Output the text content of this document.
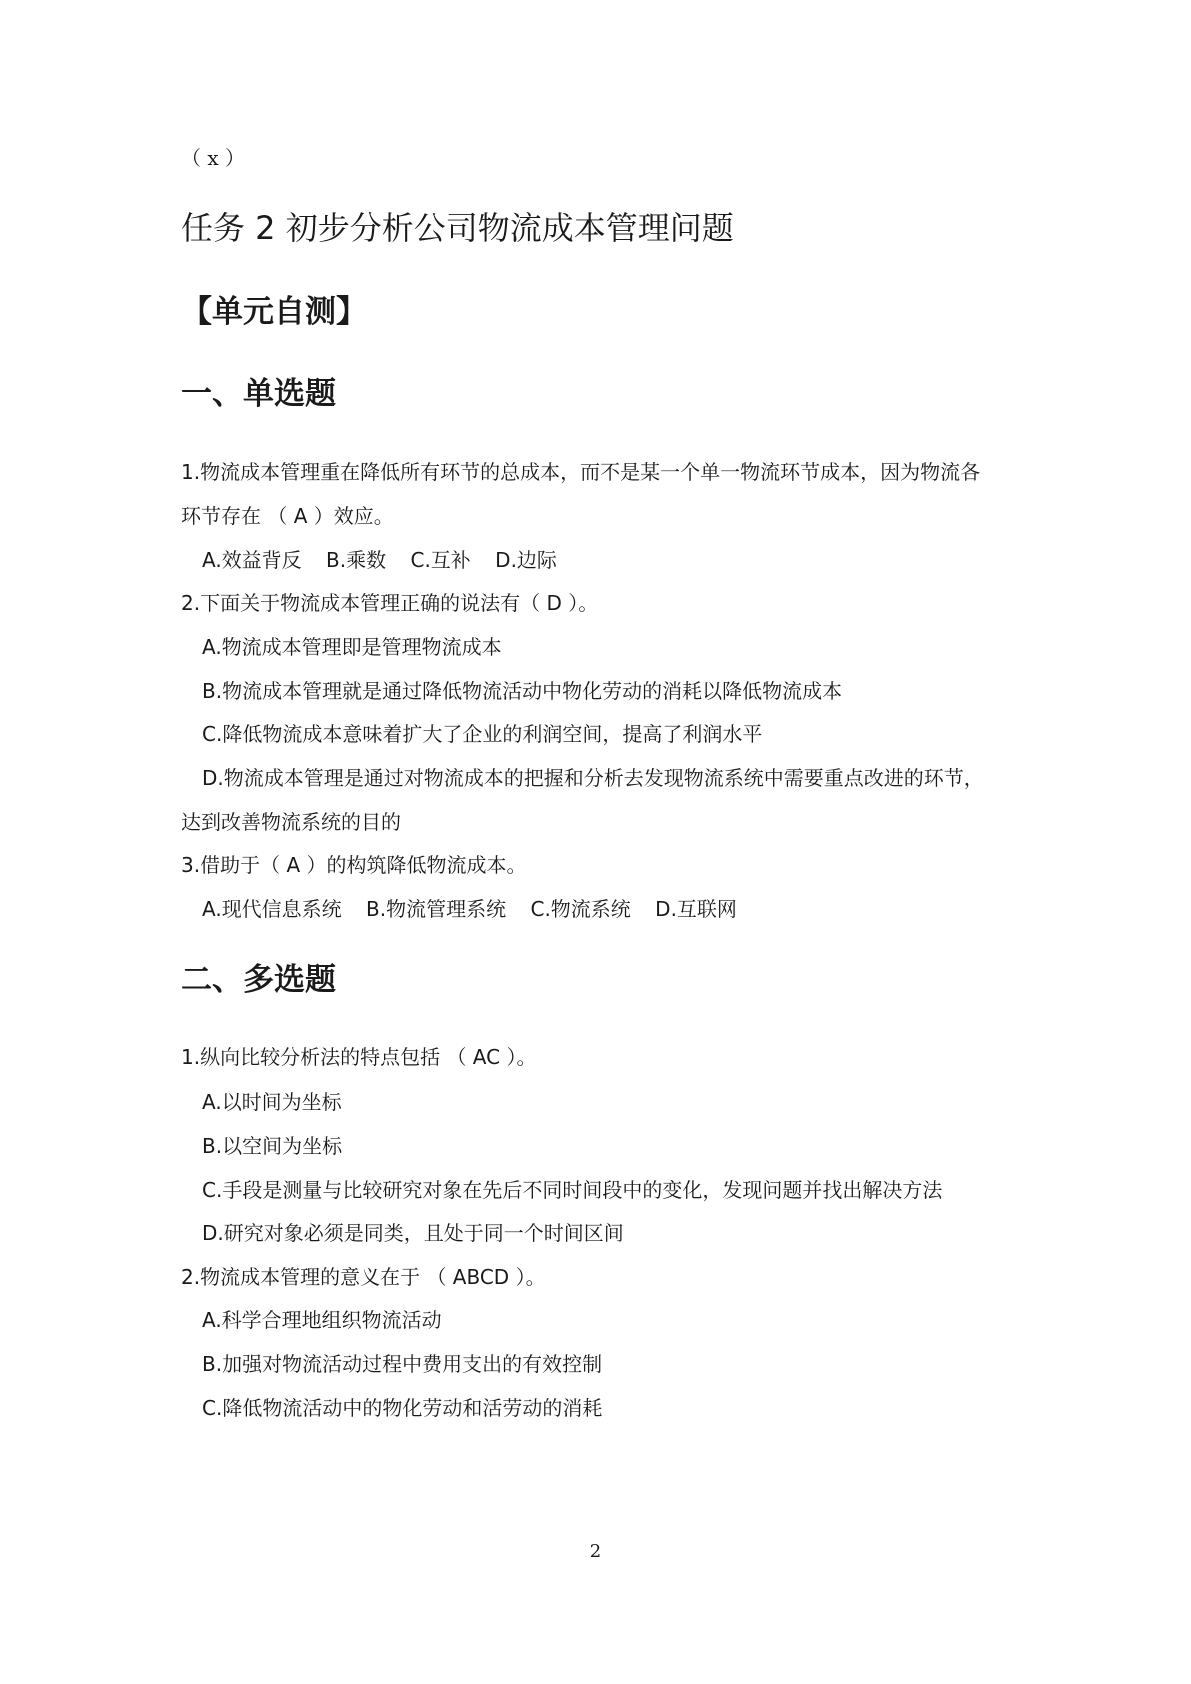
（ x ）
任务 2 初步分析公司物流成本管理问题
【单元自测】
一、单选题
1.物流成本管理重在降低所有环节的总成本，而不是某一个单一物流环节成本，因为物流各
环节存在 （ A ）效应。
A.效益背反 B.乘数 C.互补 D.边际
2.下面关于物流成本管理正确的说法有（ D ）。
A.物流成本管理即是管理物流成本
B.物流成本管理就是通过降低物流活动中物化劳动的消耗以降低物流成本
C.降低物流成本意味着扩大了企业的利润空间，提高了利润水平
D.物流成本管理是通过对物流成本的把握和分析去发现物流系统中需要重点改进的环节，
达到改善物流系统的目的
3.借助于（ A ）的构筑降低物流成本。
A.现代信息系统 B.物流管理系统 C.物流系统 D.互联网
二、多选题
1.纵向比较分析法的特点包括 （ AC ）。
A.以时间为坐标
B.以空间为坐标
C.手段是测量与比较研究对象在先后不同时间段中的变化，发现问题并找出解决方法
D.研究对象必须是同类，且处于同一个时间区间
2.物流成本管理的意义在于 （ ABCD ）。
A.科学合理地组织物流活动
B.加强对物流活动过程中费用支出的有效控制
C.降低物流活动中的物化劳动和活劳动的消耗
2
